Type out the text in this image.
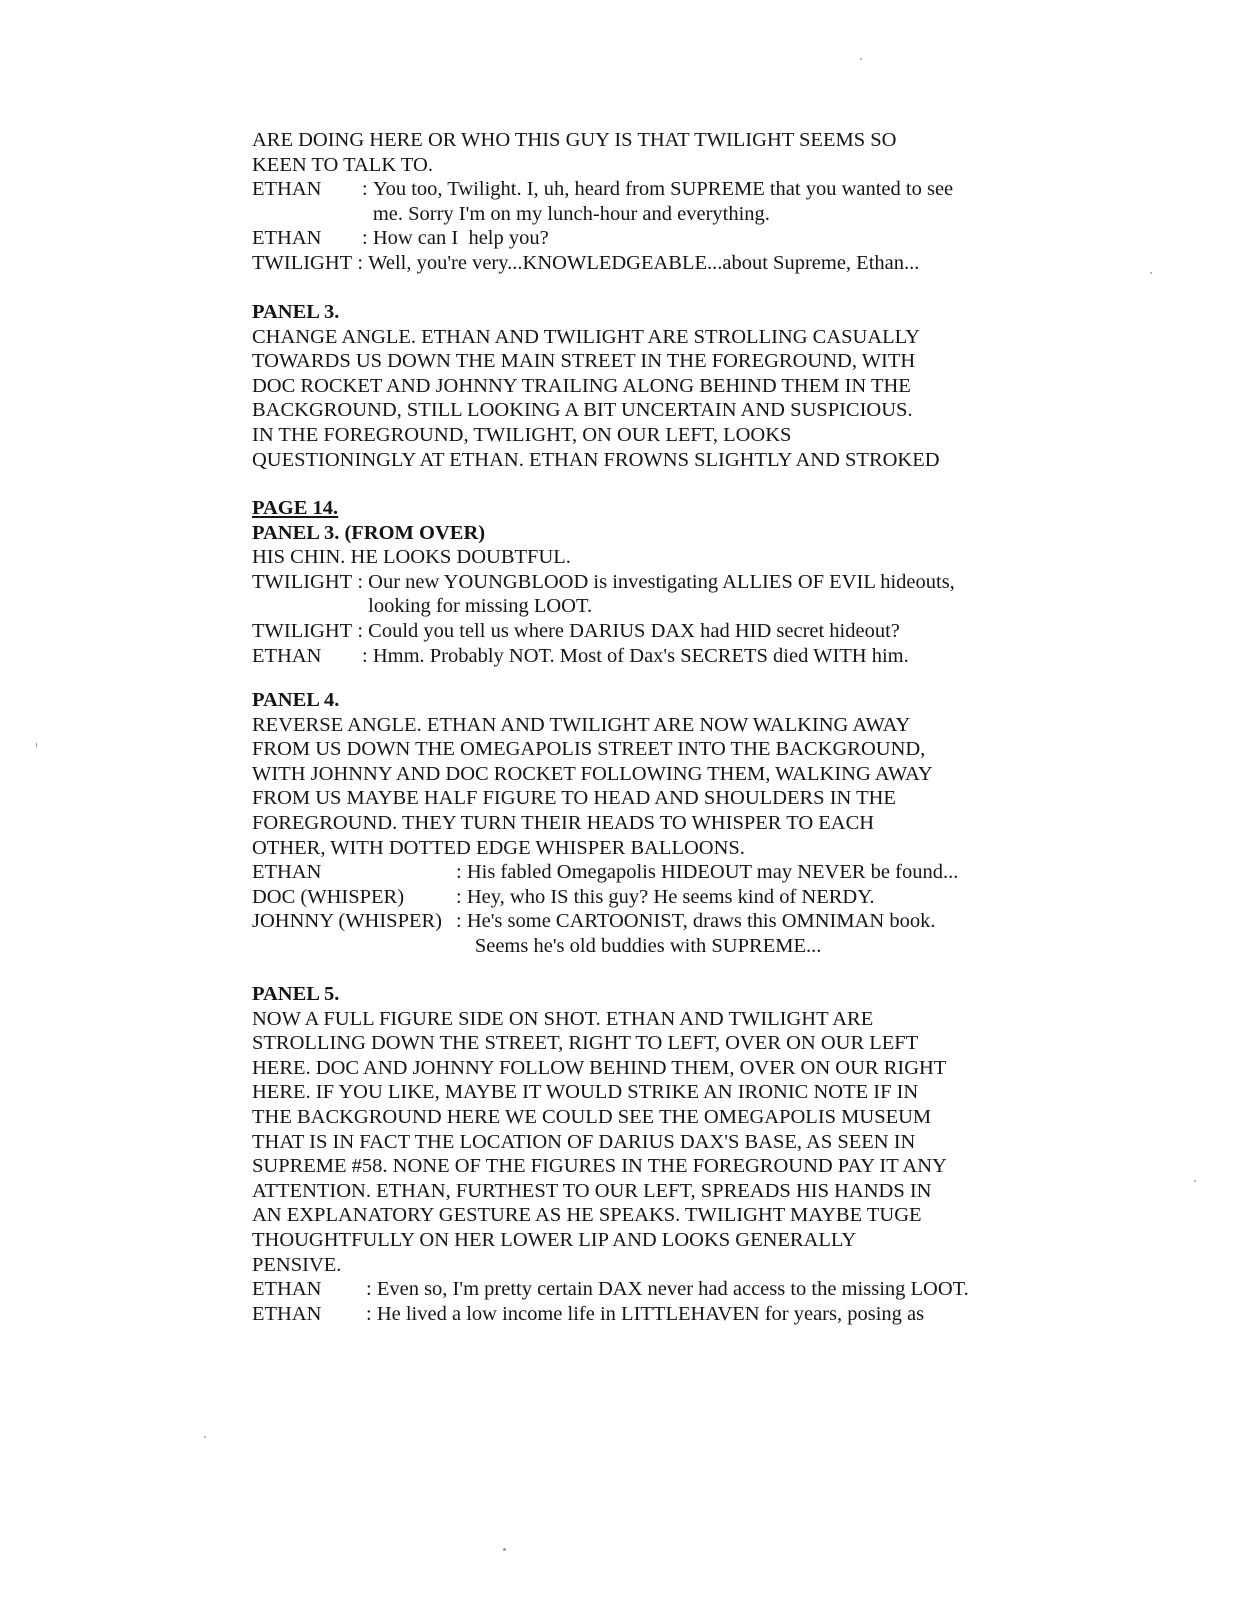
ARE DOING HERE OR WHO THIS GUY IS THAT TWILIGHT SEEMS SO
KEEN TO TALK TO.
ETHAN	: You too, Twilight. I, uh, heard from SUPREME that you wanted to see
me. Sorry I'm on my lunch-hour and everything.
ETHAN	: How can I  help you?
TWILIGHT : Well, you're very...KNOWLEDGEABLE...about Supreme, Ethan...
PANEL 3.
CHANGE ANGLE. ETHAN AND TWILIGHT ARE STROLLING CASUALLY
TOWARDS US DOWN THE MAIN STREET IN THE FOREGROUND, WITH
DOC ROCKET AND JOHNNY TRAILING ALONG BEHIND THEM IN THE
BACKGROUND, STILL LOOKING A BIT UNCERTAIN AND SUSPICIOUS.
IN THE FOREGROUND, TWILIGHT, ON OUR LEFT, LOOKS
QUESTIONINGLY AT ETHAN. ETHAN FROWNS SLIGHTLY AND STROKED
PAGE 14.
PANEL 3. (FROM OVER)
HIS CHIN. HE LOOKS DOUBTFUL.
TWILIGHT : Our new YOUNGBLOOD is investigating ALLIES OF EVIL hideouts,
looking for missing LOOT.
TWILIGHT : Could you tell us where DARIUS DAX had HID secret hideout?
ETHAN	: Hmm. Probably NOT. Most of Dax's SECRETS died WITH him.
PANEL 4.
REVERSE ANGLE. ETHAN AND TWILIGHT ARE NOW WALKING AWAY
FROM US DOWN THE OMEGAPOLIS STREET INTO THE BACKGROUND,
WITH JOHNNY AND DOC ROCKET FOLLOWING THEM, WALKING AWAY
FROM US MAYBE HALF FIGURE TO HEAD AND SHOULDERS IN THE
FOREGROUND. THEY TURN THEIR HEADS TO WHISPER TO EACH
OTHER, WITH DOTTED EDGE WHISPER BALLOONS.
ETHAN	: His fabled Omegapolis HIDEOUT may NEVER be found...
DOC (WHISPER)	: Hey, who IS this guy? He seems kind of NERDY.
JOHNNY (WHISPER) : He's some CARTOONIST, draws this OMNIMAN book.
Seems he's old buddies with SUPREME...
PANEL 5.
NOW A FULL FIGURE SIDE ON SHOT. ETHAN AND TWILIGHT ARE
STROLLING DOWN THE STREET, RIGHT TO LEFT, OVER ON OUR LEFT
HERE. DOC AND JOHNNY FOLLOW BEHIND THEM, OVER ON OUR RIGHT
HERE. IF YOU LIKE, MAYBE IT WOULD STRIKE AN IRONIC NOTE IF IN
THE BACKGROUND HERE WE COULD SEE THE OMEGAPOLIS MUSEUM
THAT IS IN FACT THE LOCATION OF DARIUS DAX'S BASE, AS SEEN IN
SUPREME #58. NONE OF THE FIGURES IN THE FOREGROUND PAY IT ANY
ATTENTION. ETHAN, FURTHEST TO OUR LEFT, SPREADS HIS HANDS IN
AN EXPLANATORY GESTURE AS HE SPEAKS. TWILIGHT MAYBE TUGE
THOUGHTFULLY ON HER LOWER LIP AND LOOKS GENERALLY
PENSIVE.
ETHAN	: Even so, I'm pretty certain DAX never had access to the missing LOOT.
ETHAN	: He lived a low income life in LITTLEHAVEN for years, posing as
